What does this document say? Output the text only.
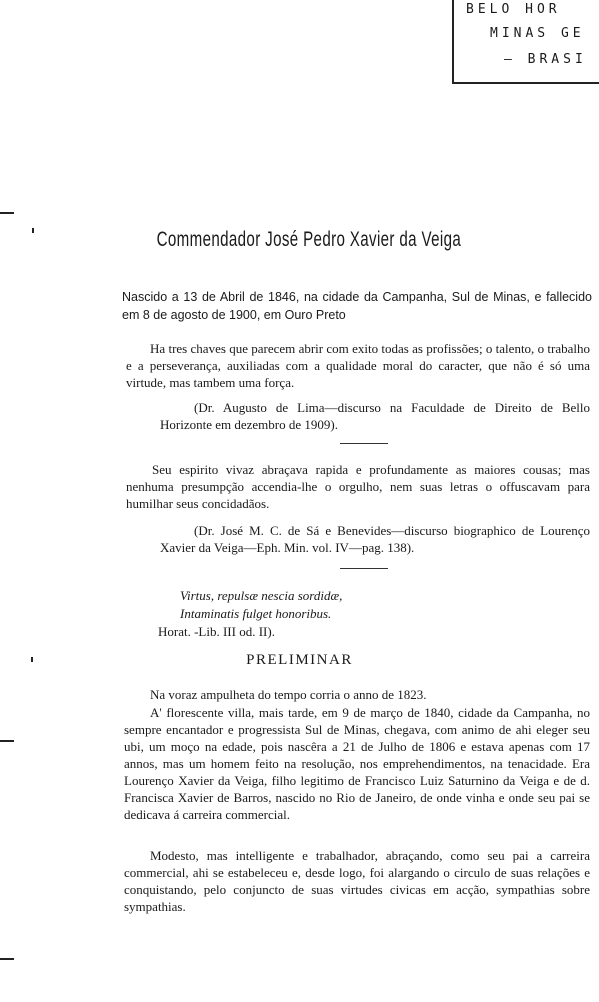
BELO HOR
MINAS GE
— BRASI
Commendador José Pedro Xavier da Veiga
Nascido a 13 de Abril de 1846, na cidade da Campanha, Sul de Minas, e fallecido em 8 de agosto de 1900, em Ouro Preto
Ha tres chaves que parecem abrir com exito todas as profissões; o talento, o trabalho e a perseverança, auxiliadas com a qualidade moral do caracter, que não é só uma virtude, mas tambem uma força.
(Dr. Augusto de Lima—discurso na Faculdade de Direito de Bello Horizonte em dezembro de 1909).
Seu espirito vivaz abraçava rapida e profundamente as maiores cousas; mas nenhuma presumpção accendia-lhe o orgulho, nem suas letras o offuscavam para humilhar seus concidadãos.
(Dr. José M. C. de Sá e Benevides—discurso biographico de Lourenço Xavier da Veiga—Eph. Min. vol. IV—pag. 138).
Virtus, repulsæ nescia sordidæ,
Intaminatis fulget honoribus.
Horat. -Lib. III od. II).
PRELIMINAR
Na voraz ampulheta do tempo corria o anno de 1823.
A' florescente villa, mais tarde, em 9 de março de 1840, cidade da Campanha, no sempre encantador e progressista Sul de Minas, chegava, com animo de ahi eleger seu ubi, um moço na edade, pois nascêra a 21 de Julho de 1806 e estava apenas com 17 annos, mas um homem feito na resolução, nos emprehendimentos, na tenacidade. Era Lourenço Xavier da Veiga, filho legitimo de Francisco Luiz Saturnino da Veiga e de d. Francisca Xavier de Barros, nascido no Rio de Janeiro, de onde vinha e onde seu pai se dedicava á carreira commercial.
Modesto, mas intelligente e trabalhador, abraçando, como seu pai a carreira commercial, ahi se estabeleceu e, desde logo, foi alargando o circulo de suas relações e conquistando, pelo conjuncto de suas virtudes civicas em acção, sympathias sobre sympathias.
